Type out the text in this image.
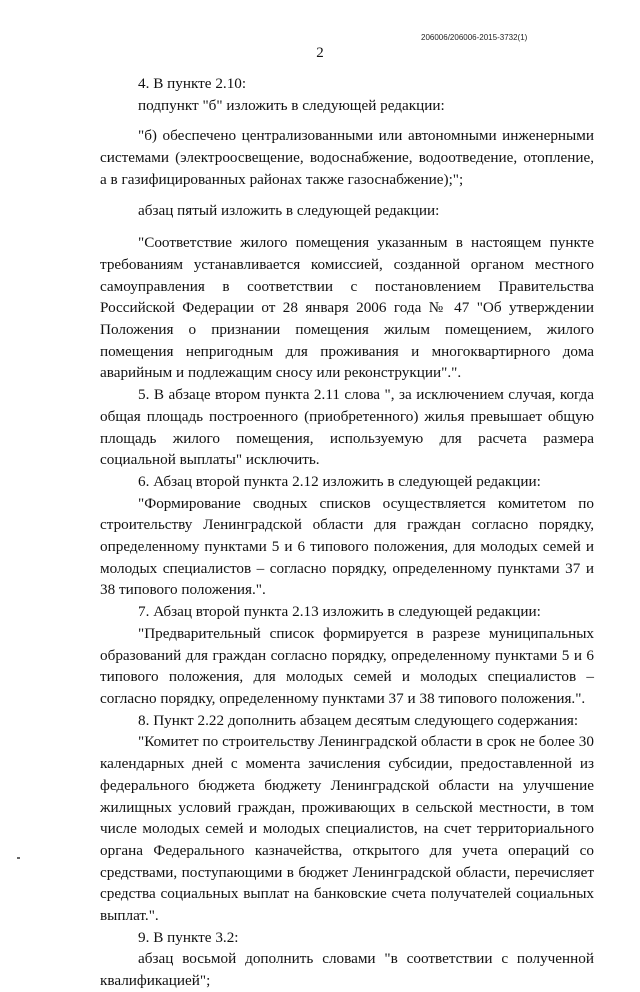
206006/206006-2015-3732(1)
2

4. В пункте 2.10:

подпункт "б" изложить в следующей редакции:

"б) обеспечено централизованными или автономными инженерными системами (электроосвещение, водоснабжение, водоотведение, отопление, а в газифицированных районах также газоснабжение);";

абзац пятый изложить в следующей редакции:

"Соответствие жилого помещения указанным в настоящем пункте требованиям устанавливается комиссией, созданной органом местного самоуправления в соответствии с постановлением Правительства Российской Федерации от 28 января 2006 года № 47 "Об утверждении Положения о признании помещения жилым помещением, жилого помещения непригодным для проживания и многоквартирного дома аварийным и подлежащим сносу или реконструкции".".

5. В абзаце втором пункта 2.11 слова ", за исключением случая, когда общая площадь построенного (приобретенного) жилья превышает общую площадь жилого помещения, используемую для расчета размера социальной выплаты" исключить.

6. Абзац второй пункта 2.12 изложить в следующей редакции:

"Формирование сводных списков осуществляется комитетом по строительству Ленинградской области для граждан согласно порядку, определенному пунктами 5 и 6 типового положения, для молодых семей и молодых специалистов – согласно порядку, определенному пунктами 37 и 38 типового положения.".

7. Абзац второй пункта 2.13 изложить в следующей редакции:

"Предварительный список формируется в разрезе муниципальных образований для граждан согласно порядку, определенному пунктами 5 и 6 типового положения, для молодых семей и молодых специалистов – согласно порядку, определенному пунктами 37 и 38 типового положения.".

8. Пункт 2.22 дополнить абзацем десятым следующего содержания:

"Комитет по строительству Ленинградской области в срок не более 30 календарных дней с момента зачисления субсидии, предоставленной из федерального бюджета бюджету Ленинградской области на улучшение жилищных условий граждан, проживающих в сельской местности, в том числе молодых семей и молодых специалистов, на счет территориального органа Федерального казначейства, открытого для учета операций со средствами, поступающими в бюджет Ленинградской области, перечисляет средства социальных выплат на банковские счета получателей социальных выплат.".

9. В пункте 3.2:

абзац восьмой дополнить словами "в соответствии с полученной квалификацией";
